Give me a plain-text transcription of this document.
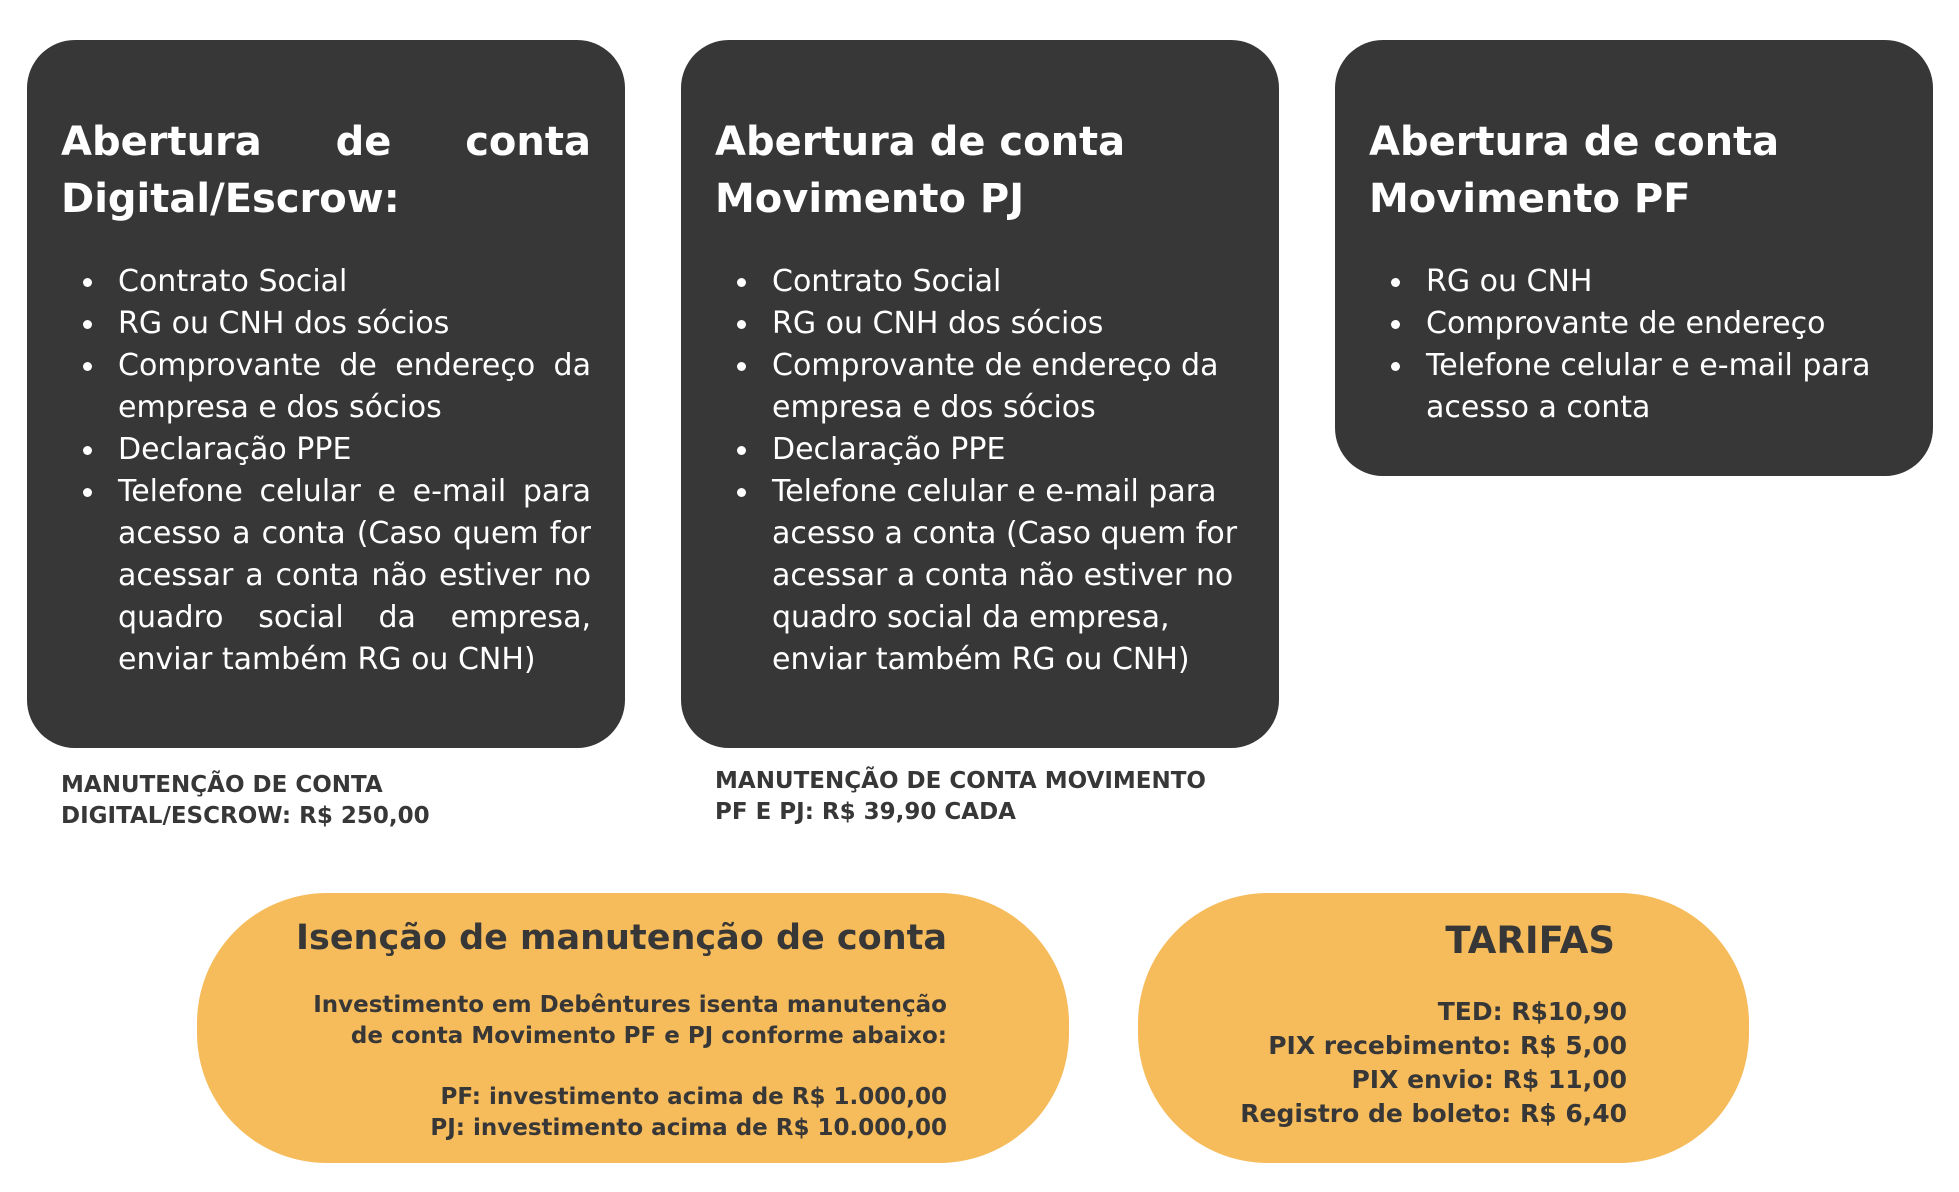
Abertura de conta
Digital/Escrow:
Contrato Social
RG ou CNH dos sócios
Comprovante de endereço da empresa e dos sócios
Declaração PPE
Telefone celular e e-mail para acesso a conta (Caso quem for acessar a conta não estiver no quadro social da empresa, enviar também RG ou CNH)
Abertura de conta
Movimento PJ
Contrato Social
RG ou CNH dos sócios
Comprovante de endereço da empresa e dos sócios
Declaração PPE
Telefone celular e e-mail para acesso a conta (Caso quem for acessar a conta não estiver no quadro social da empresa, enviar também RG ou CNH)
Abertura de conta
Movimento PF
RG ou CNH
Comprovante de endereço
Telefone celular e e-mail para acesso a conta

MANUTENÇÃO DE CONTA
DIGITAL/ESCROW: R$ 250,00

MANUTENÇÃO DE CONTA MOVIMENTO
PF E PJ: R$ 39,90 CADA

Isenção de manutenção de conta

Investimento em Debêntures isenta manutenção
de conta Movimento PF e PJ conforme abaixo:

PF: investimento acima de R$ 1.000,00
PJ: investimento acima de R$ 10.000,00

TARIFAS

TED: R$10,90
PIX recebimento: R$ 5,00
PIX envio: R$ 11,00
Registro de boleto: R$ 6,40
